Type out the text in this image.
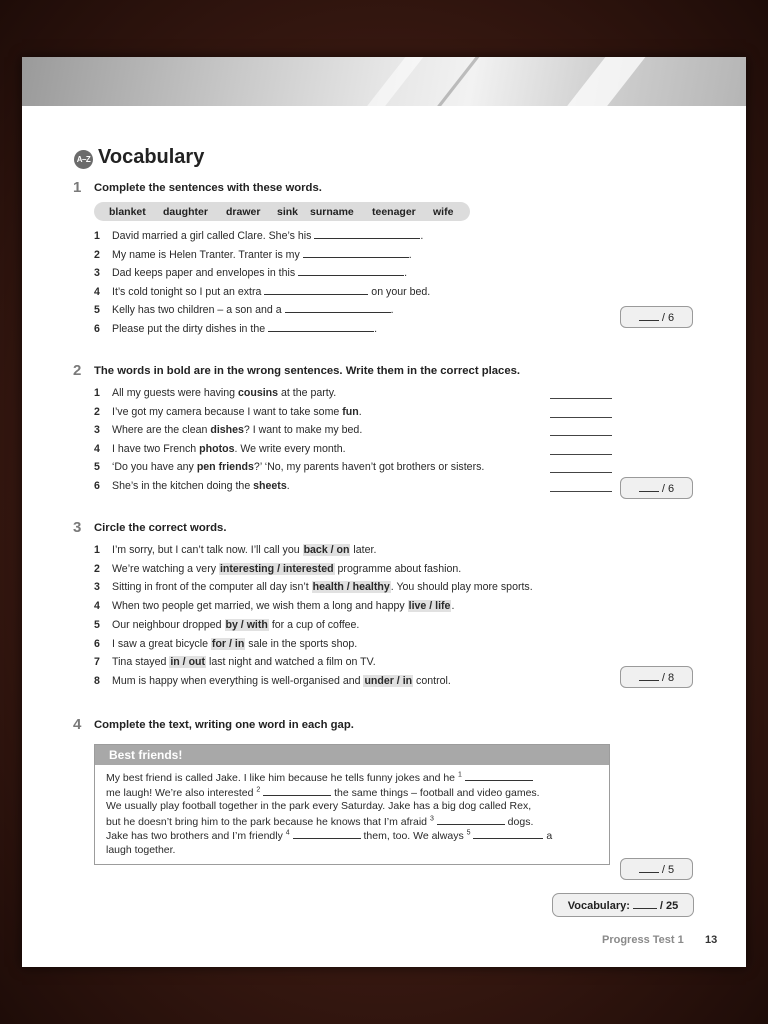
A–Z Vocabulary
1 Complete the sentences with these words.
blanket daughter drawer sink surname teenager wife
1	David married a girl called Clare. She’s his	.
2	My name is Helen Tranter. Tranter is my	.
3	Dad keeps paper and envelopes in this	.
4	It’s cold tonight so I put an extra	on your bed.
5	Kelly has two children – a son and a	.
6	Please put the dirty dishes in the	.
/ 6
2 The words in bold are in the wrong sentences. Write them in the correct places.
1	All my guests were having cousins at the party.
2	I’ve got my camera because I want to take some fun.
3	Where are the clean dishes? I want to make my bed.
4	I have two French photos. We write every month.
5	‘Do you have any pen friends?’ ‘No, my parents haven’t got brothers or sisters.
6	She’s in the kitchen doing the sheets.	/ 6
3 Circle the correct words.
1	I’m sorry, but I can’t talk now. I’ll call you back / on later.
2	We’re watching a very interesting / interested programme about fashion.
3	Sitting in front of the computer all day isn’t health / healthy. You should play more sports.
4	When two people get married, we wish them a long and happy live / life.
5	Our neighbour dropped by / with for a cup of coffee.
6	I saw a great bicycle for / in sale in the sports shop.
7	Tina stayed in / out last night and watched a film on TV.
8	Mum is happy when everything is well-organised and under / in control.	/ 8
4 Complete the text, writing one word in each gap.
Best friends!
My best friend is called Jake. I like him because he tells funny jokes and he $^1$
me laugh! We’re also interested $^2$	the same things – football and video games.
We usually play football together in the park every Saturday. Jake has a big dog called Rex,
but he doesn’t bring him to the park because he knows that I’m afraid $^3$	dogs.
Jake has two brothers and I’m friendly $^4$	them, too. We always $^5$	a
laugh together.
/ 5
Vocabulary:	/ 25
Progress Test 1 13
